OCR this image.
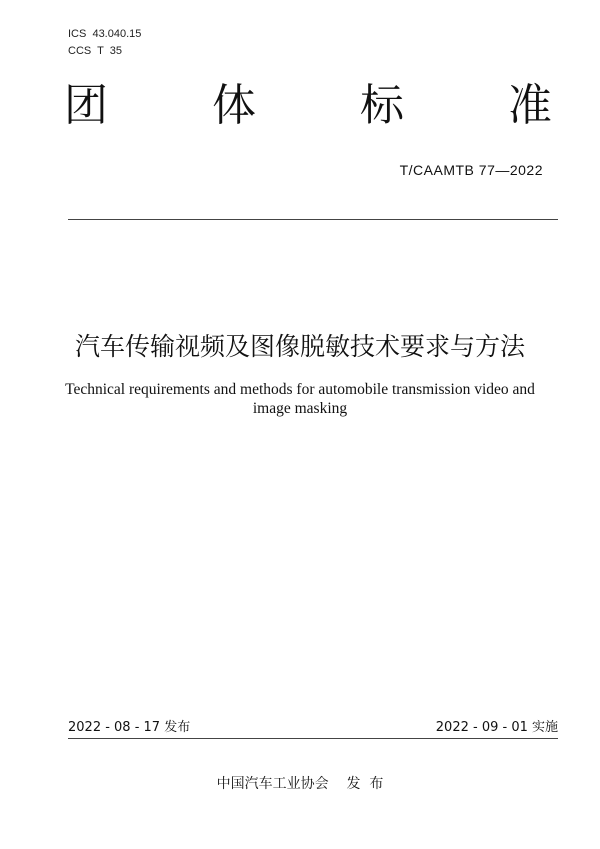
ICS  43.040.15
CCS  T  35
团 体 标 准
T/CAAMTB 77—2022
汽车传输视频及图像脱敏技术要求与方法
Technical requirements and methods for automobile transmission video and image masking
2022 - 08 - 17 发布	2022 - 09 - 01 实施
中国汽车工业协会    发  布
